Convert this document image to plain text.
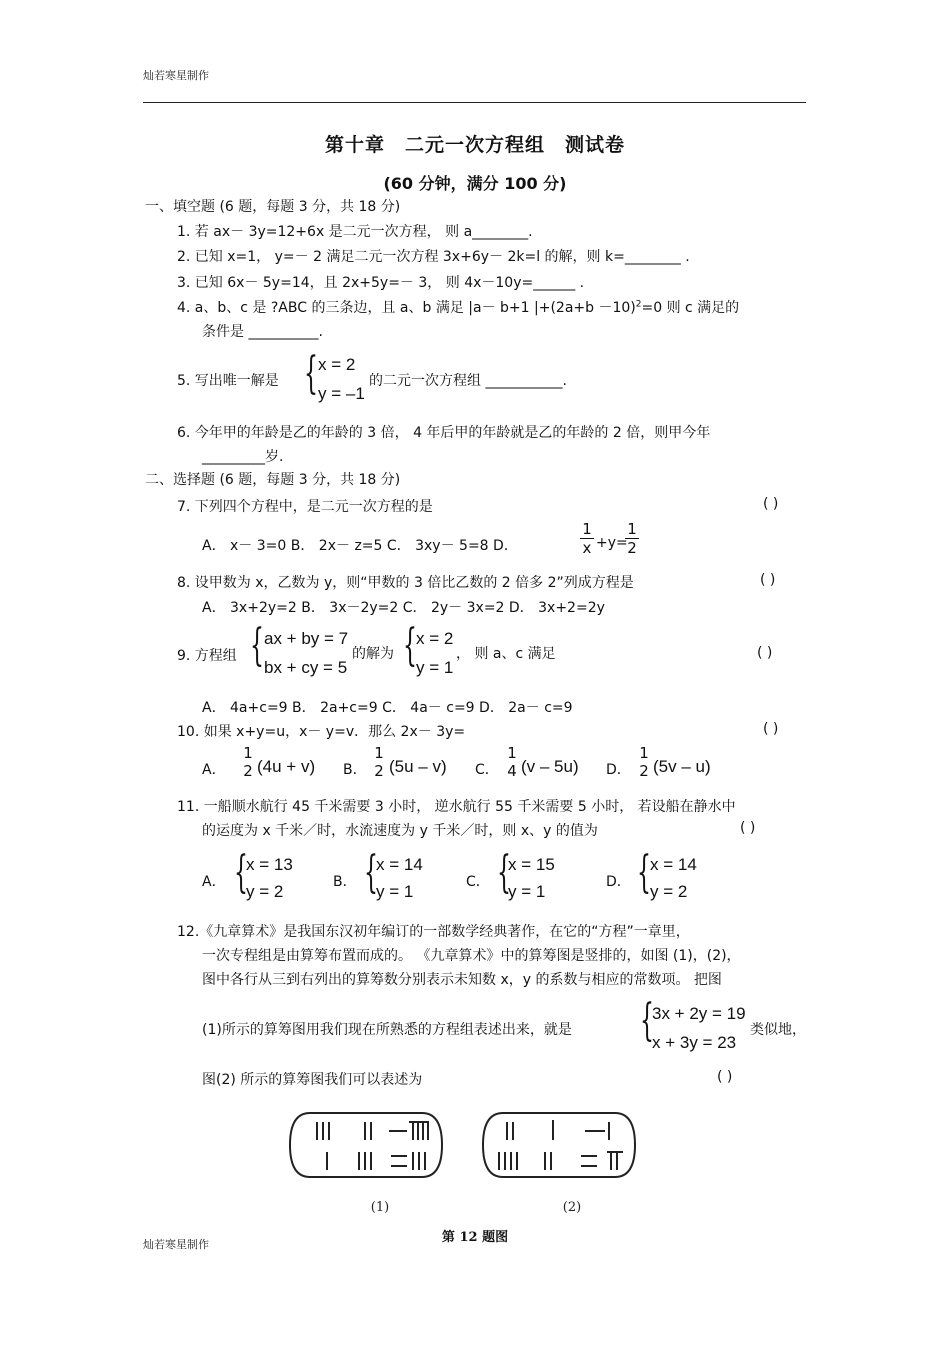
灿若寒星制作
第十章　二元一次方程组　测试卷
(60 分钟，满分 100 分)
一、填空题 (6 题，每题 3 分，共 18 分)
1. 若 ax－ 3y=12+6x 是二元一次方程， 则 a________.
2. 已知 x=1， y=－ 2 满足二元一次方程 3x+6y－ 2k=l 的解，则 k=________ .
3. 已知 6x－ 5y=14，且 2x+5y=－ 3， 则 4x－10y=______ .
4. a、b、c 是 ?ABC 的三条边，且 a、b 满足 |a－ b+1 $|+(2a+b -10)^2=0$ 则 c 满足的
条件是 __________.
5. 写出唯一解是 { x = 2
y = –1
的二元一次方程组 ___________.
6. 今年甲的年龄是乙的年龄的 3 倍， 4 年后甲的年龄就是乙的年龄的 2 倍，则甲今年
_________岁.
二、选择题 (6 题，每题 3 分，共 18 分)
7. 下列四个方程中，是二元一次方程的是	( )
A． x－ 3=0 B． 2x－ z=5 C． 3xy－ 5=8 D．	$\frac{1}{x} +y=$
$\frac{1}{2}$
8. 设甲数为 x，乙数为 y，则“甲数的 3 倍比乙数的 2 倍多 2”列成方程是	( )
A． 3x+2y=2 B． 3x－2y=2 C． 2y－ 3x=2 D． 3x+2=2y
9. 方程组 { ax + by = 7
bx + cy = 5
的解为 { x = 2
y = 1
， 则 a、c 满足	( )
A． 4a+c=9 B． 2a+c=9 C． 4a－ c=9 D． 2a－ c=9
10. 如果 x+y=u，x－ y=v．那么 2x－ 3y=	( )
A．
1
2 (4u + v) B．
1
2 (5u – v) C．
1
4 (v – 5u) D．
1
2 (5v – u)
11. 一船顺水航行 45 千米需要 3 小时， 逆水航行 55 千米需要 5 小时， 若设船在静水中
的运度为 x 千米／时，水流速度为 y 千米／时，则 x、y 的值为	( )
A． {
x = 13
y = 2	B． {
x = 14
y = 1	C． {
x = 15
y = 1	D． { x = 14
y = 2
12.《九章算术》是我国东汉初年编订的一部数学经典著作，在它的“方程”一章里，
一次专程组是由算筹布置而成的。 《九章算术》中的算筹图是竖排的，如图 (1)，(2)，
图中各行从三到右列出的算筹数分别表示未知数 x，y 的系数与相应的常数项。 把图
(1)所示的算筹图用我们现在所熟悉的方程组表述出来，就是 {
3x + 2y = 19
x + 3y = 23
类似地，
图(2) 所示的算筹图我们可以表述为	( )
(1)	(2)
第 12 题图
灿若寒星制作
